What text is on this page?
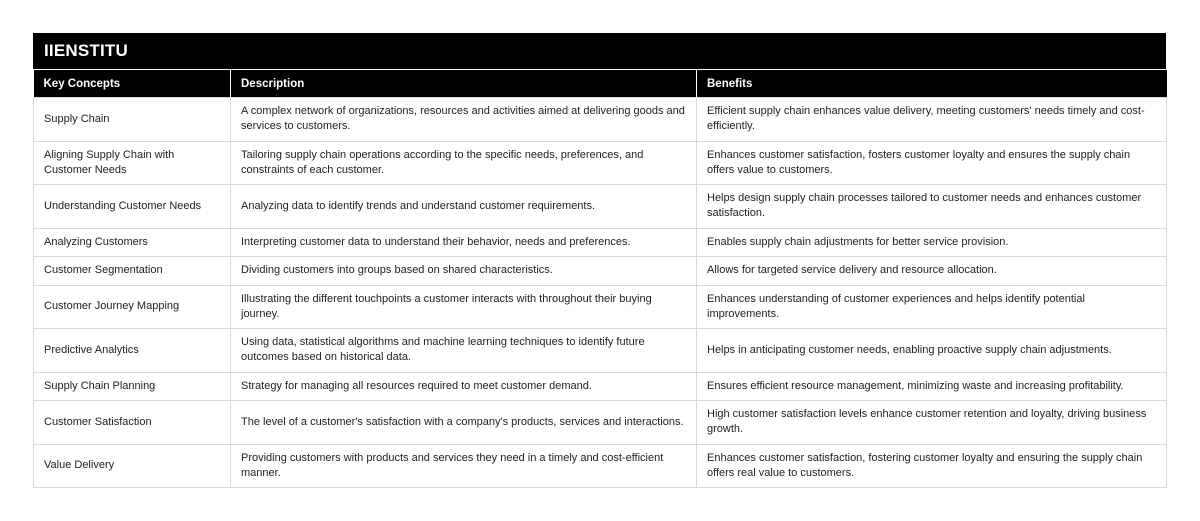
IIENSTITU
Key Concepts	Description	Benefits
Supply Chain	A complex network of organizations, resources and activities aimed at delivering goods and services to customers.	Efficient supply chain enhances value delivery, meeting customers' needs timely and cost-efficiently.
Aligning Supply Chain with Customer Needs	Tailoring supply chain operations according to the specific needs, preferences, and constraints of each customer.	Enhances customer satisfaction, fosters customer loyalty and ensures the supply chain offers value to customers.
Understanding Customer Needs	Analyzing data to identify trends and understand customer requirements.	Helps design supply chain processes tailored to customer needs and enhances customer satisfaction.
Analyzing Customers	Interpreting customer data to understand their behavior, needs and preferences.	Enables supply chain adjustments for better service provision.
Customer Segmentation	Dividing customers into groups based on shared characteristics.	Allows for targeted service delivery and resource allocation.
Customer Journey Mapping	Illustrating the different touchpoints a customer interacts with throughout their buying journey.	Enhances understanding of customer experiences and helps identify potential improvements.
Predictive Analytics	Using data, statistical algorithms and machine learning techniques to identify future outcomes based on historical data.	Helps in anticipating customer needs, enabling proactive supply chain adjustments.
Supply Chain Planning	Strategy for managing all resources required to meet customer demand.	Ensures efficient resource management, minimizing waste and increasing profitability.
Customer Satisfaction	The level of a customer's satisfaction with a company's products, services and interactions.	High customer satisfaction levels enhance customer retention and loyalty, driving business growth.
Value Delivery	Providing customers with products and services they need in a timely and cost-efficient manner.	Enhances customer satisfaction, fostering customer loyalty and ensuring the supply chain offers real value to customers.
